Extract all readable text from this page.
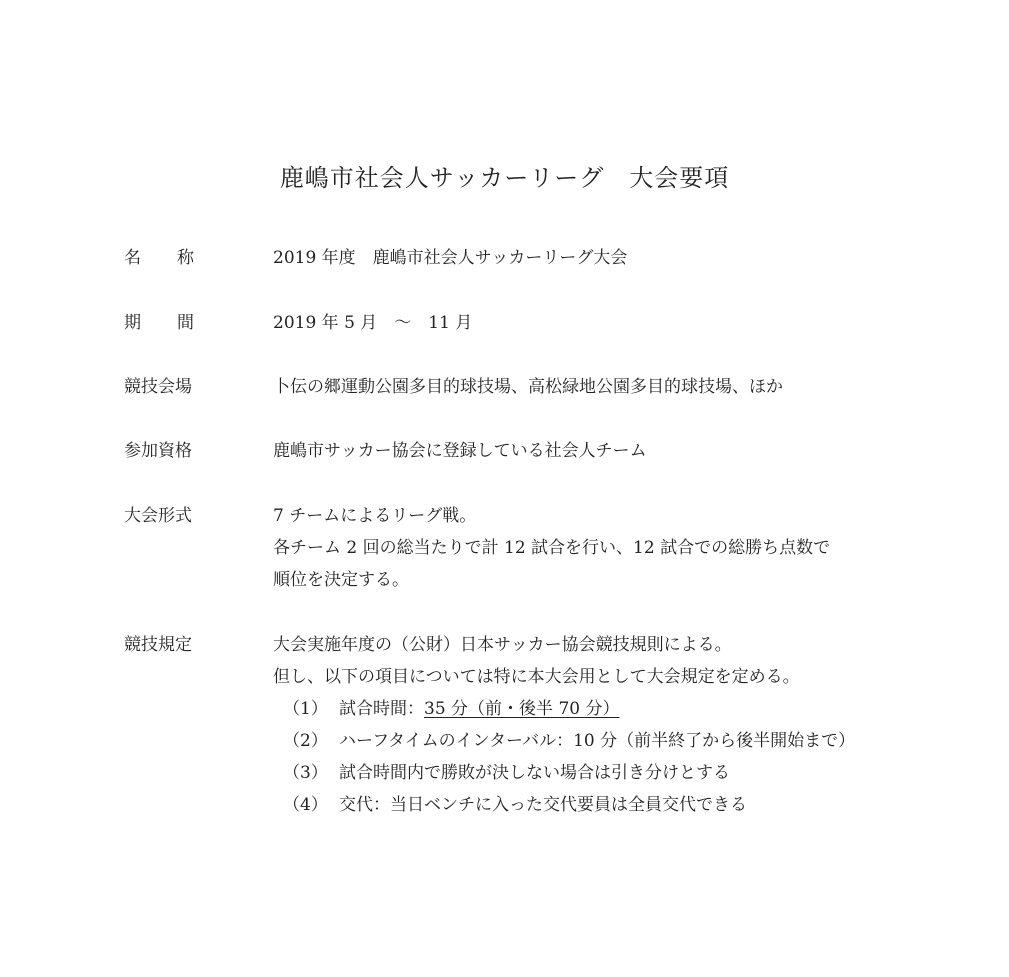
鹿嶋市社会人サッカーリーグ　大会要項
名 称	2019 年度　鹿嶋市社会人サッカーリーグ大会
期 間	2019 年 5 月　～　11 月
競技会場	卜伝の郷運動公園多目的球技場、高松緑地公園多目的球技場、ほか
参加資格	鹿嶋市サッカー協会に登録している社会人チーム
大会形式	7 チームによるリーグ戦。
各チーム 2 回の総当たりで計 12 試合を行い、12 試合での総勝ち点数で
順位を決定する。
競技規定	大会実施年度の（公財）日本サッカー協会競技規則による。
但し、以下の項目については特に本大会用として大会規定を定める。
（1） 試合時間：35 分（前・後半 70 分）
（2） ハーフタイムのインターバル：10 分（前半終了から後半開始まで）
（3） 試合時間内で勝敗が決しない場合は引き分けとする
（4） 交代：当日ベンチに入った交代要員は全員交代できる
